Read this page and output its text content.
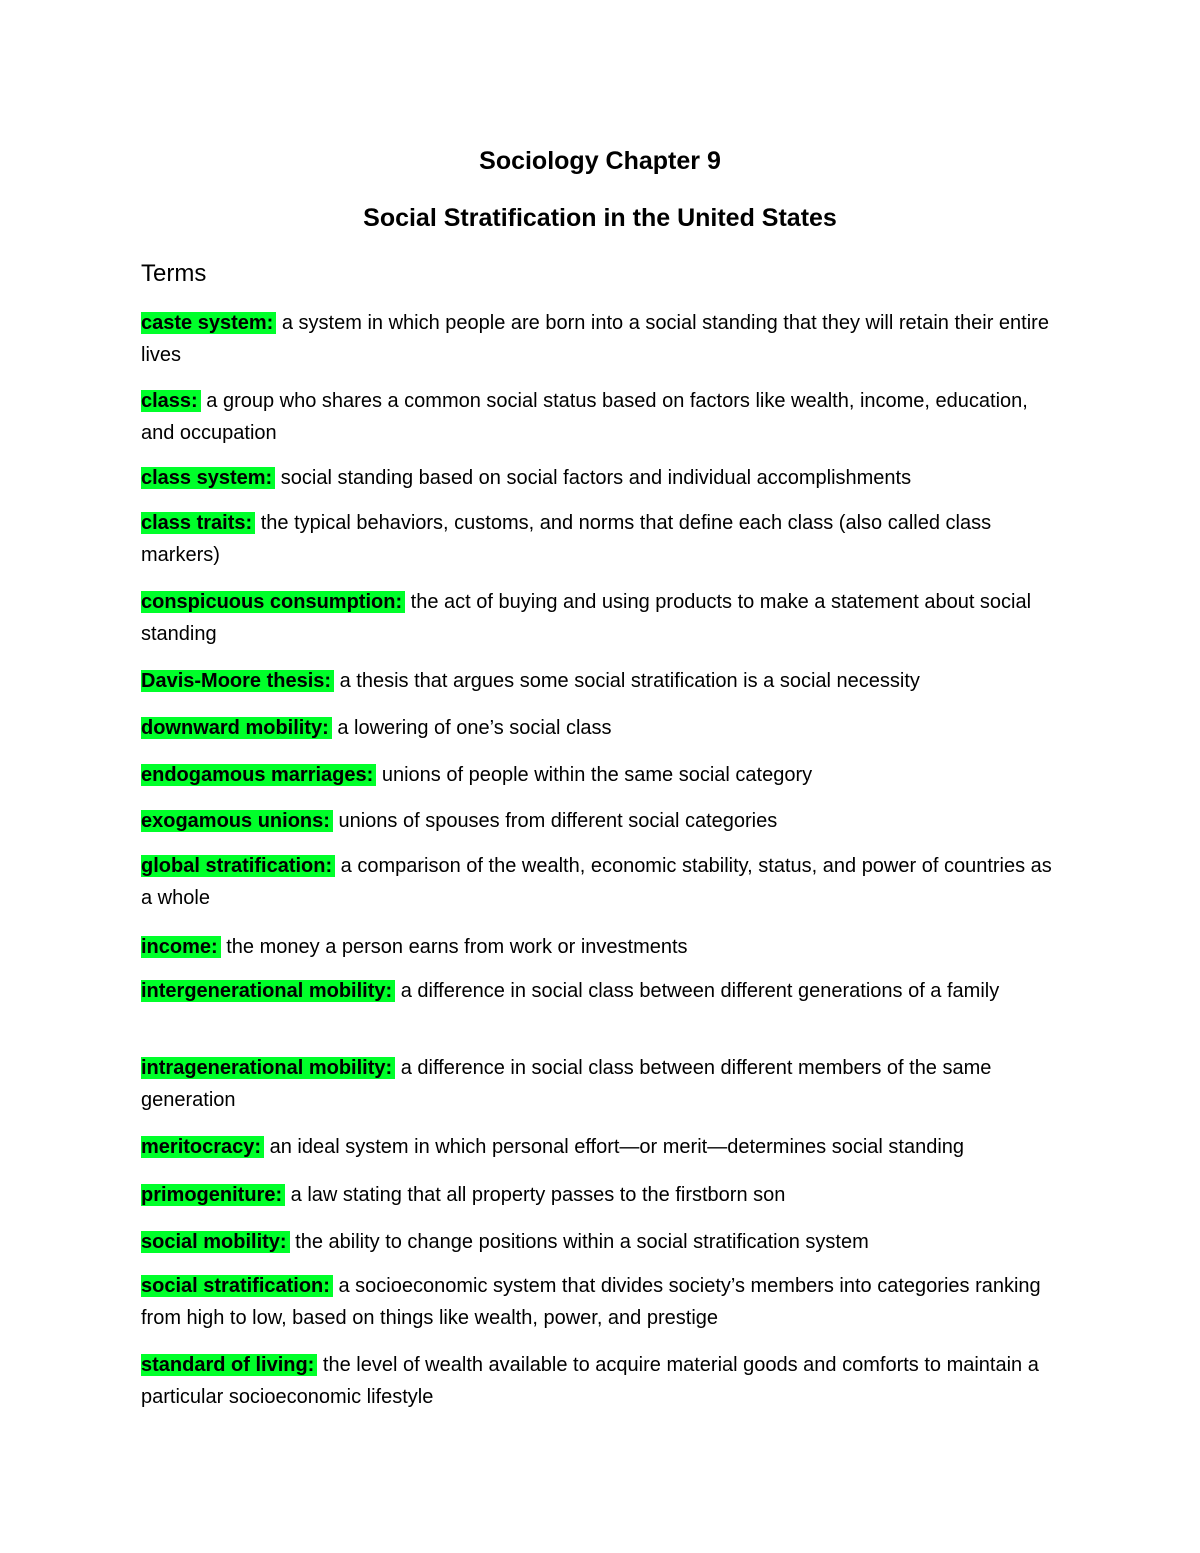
Sociology Chapter 9
Social Stratification in the United States
Terms
caste system: a system in which people are born into a social standing that they will retain their entire lives
class: a group who shares a common social status based on factors like wealth, income, education, and occupation
class system: social standing based on social factors and individual accomplishments
class traits: the typical behaviors, customs, and norms that define each class (also called class markers)
conspicuous consumption: the act of buying and using products to make a statement about social standing
Davis-Moore thesis: a thesis that argues some social stratification is a social necessity
downward mobility: a lowering of one’s social class
endogamous marriages: unions of people within the same social category
exogamous unions: unions of spouses from different social categories
global stratification: a comparison of the wealth, economic stability, status, and power of countries as a whole
income: the money a person earns from work or investments
intergenerational mobility: a difference in social class between different generations of a family
intragenerational mobility: a difference in social class between different members of the same generation
meritocracy: an ideal system in which personal effort—or merit—determines social standing
primogeniture: a law stating that all property passes to the firstborn son
social mobility: the ability to change positions within a social stratification system
social stratification: a socioeconomic system that divides society’s members into categories ranking from high to low, based on things like wealth, power, and prestige
standard of living: the level of wealth available to acquire material goods and comforts to maintain a particular socioeconomic lifestyle
